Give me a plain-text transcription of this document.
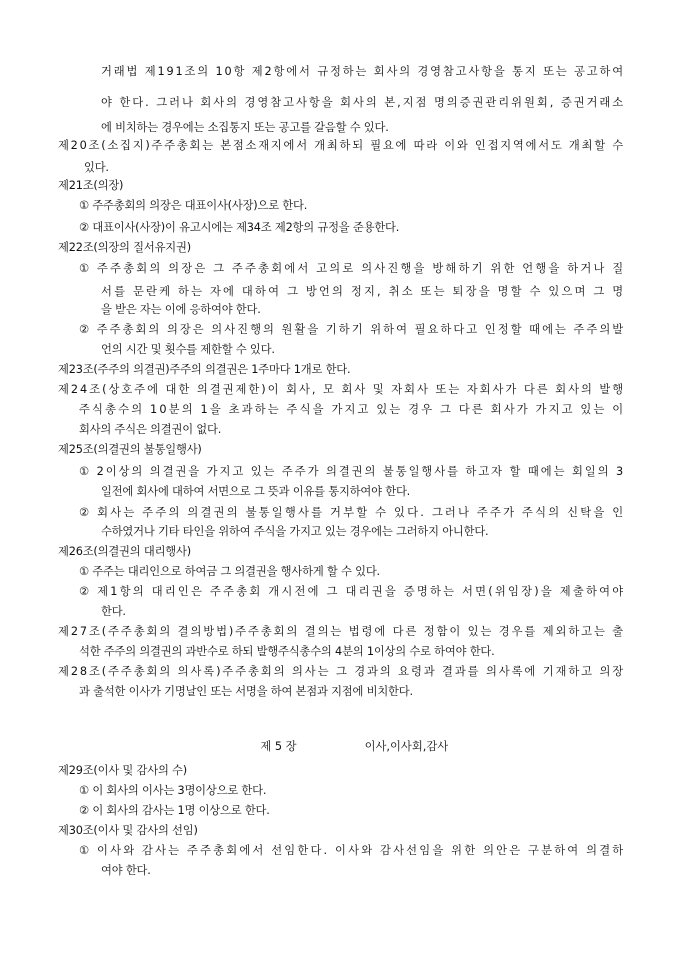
거래법 제191조의 10항 제2항에서 규정하는 회사의 경영참고사항을 통지 또는 공고하여
야 한다. 그러나 회사의 경영참고사항을 회사의 본,지점 명의증권관리위원회, 증권거래소
에 비치하는 경우에는 소집통지 또는 공고를 갈음할 수 있다.
제20조(소집지)주주총회는 본점소재지에서 개최하되 필요에 따라 이와 인접지역에서도 개최할 수
있다.
제21조(의장)
① 주주총회의 의장은 대표이사(사장)으로 한다.
② 대표이사(사장)이 유고시에는 제34조 제2항의 규정을 준용한다.
제22조(의장의 질서유지권)
① 주주총회의 의장은 그 주주총회에서 고의로 의사진행을 방해하기 위한 언행을 하거나 질
서를 문란케 하는 자에 대하여 그 방언의 정지, 취소 또는 퇴장을 명할 수 있으며 그 명
을 받은 자는 이에 응하여야 한다.
② 주주총회의 의장은 의사진행의 원활을 기하기 위하여 필요하다고 인정할 때에는 주주의발
언의 시간 및 횟수를 제한할 수 있다.
제23조(주주의 의결권)주주의 의결권은 1주마다 1개로 한다.
제24조(상호주에 대한 의결권제한)이 회사, 모 회사 및 자회사 또는 자회사가 다른 회사의 발행
주식총수의 10분의 1을 초과하는 주식을 가지고 있는 경우 그 다른 회사가 가지고 있는 이
회사의 주식은 의결권이 없다.
제25조(의결권의 불통일행사)
① 2이상의 의결권을 가지고 있는 주주가 의결권의 불통일행사를 하고자 할 때에는 회일의 3
일전에 회사에 대하여 서면으로 그 뜻과 이유를 통지하여야 한다.
② 회사는 주주의 의결권의 불통일행사를 거부할 수 있다. 그러나 주주가 주식의 신탁을 인
수하였거나 기타 타인을 위하여 주식을 가지고 있는 경우에는 그러하지 아니한다.
제26조(의결권의 대리행사)
① 주주는 대리인으로 하여금 그 의결권을 행사하게 할 수 있다.
② 제1항의 대리인은 주주총회 개시전에 그 대리권을 증명하는 서면(위임장)을 제출하여야
한다.
제27조(주주총회의 결의방법)주주총회의 결의는 법령에 다른 정함이 있는 경우를 제외하고는 출
석한 주주의 의결권의 과반수로 하되 발행주식총수의 4분의 1이상의 수로 하여야 한다.
제28조(주주총회의 의사록)주주총회의 의사는 그 경과의 요령과 결과를 의사록에 기재하고 의장
과 출석한 이사가 기명날인 또는 서명을 하여 본점과 지점에 비치한다.

제 5 장	이사,이사회,감사

제29조(이사 및 감사의 수)
① 이 회사의 이사는 3명이상으로 한다.
② 이 회사의 감사는 1명 이상으로 한다.
제30조(이사 및 감사의 선임)
① 이사와 감사는 주주총회에서 선임한다. 이사와 감사선임을 위한 의안은 구분하여 의결하
여야 한다.
